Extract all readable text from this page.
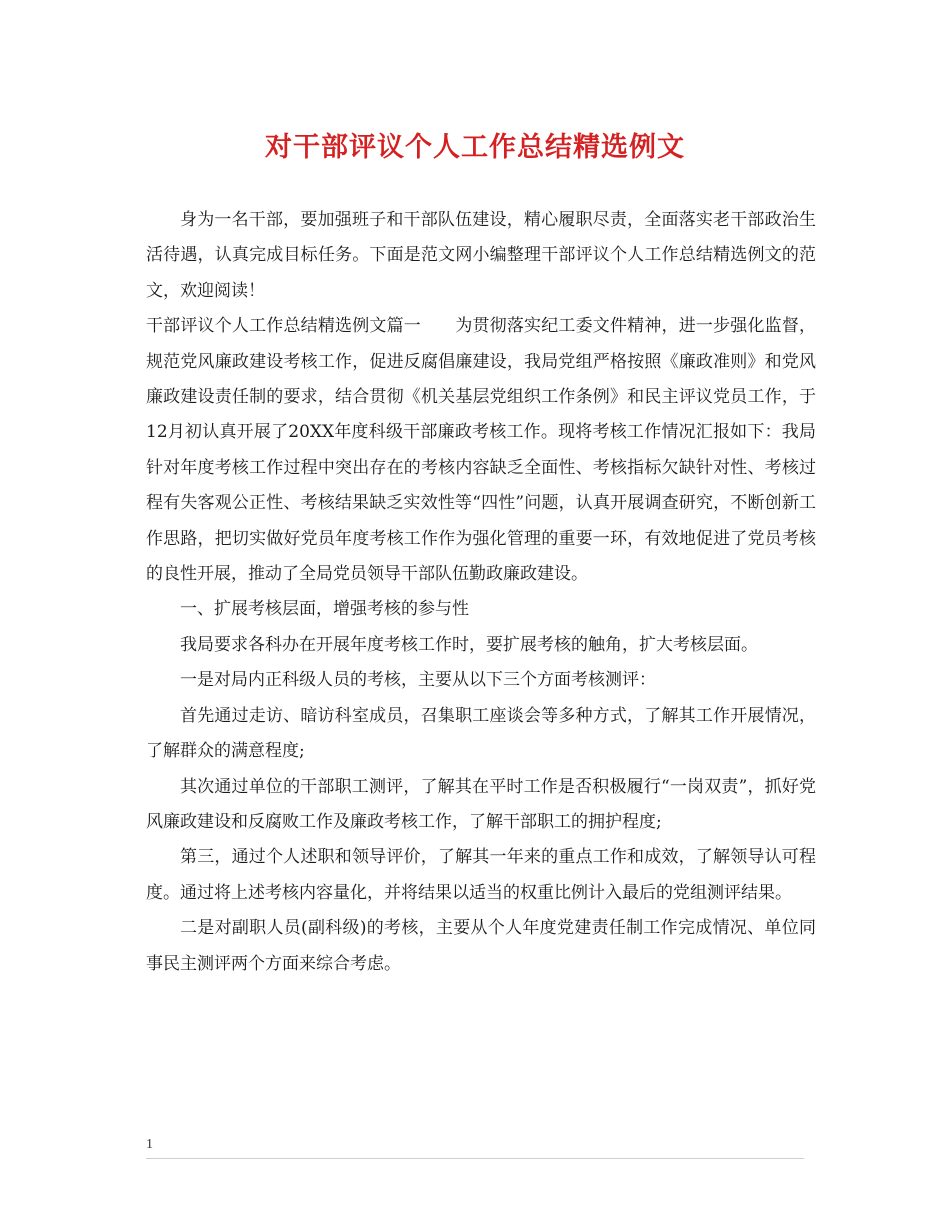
对干部评议个人工作总结精选例文

身为一名干部，要加强班子和干部队伍建设，精心履职尽责，全面落实老干部政治生活待遇，认真完成目标任务。下面是范文网小编整理干部评议个人工作总结精选例文的范文，欢迎阅读！

干部评议个人工作总结精选例文篇一　　为贯彻落实纪工委文件精神，进一步强化监督，规范党风廉政建设考核工作，促进反腐倡廉建设，我局党组严格按照《廉政准则》和党风廉政建设责任制的要求，结合贯彻《机关基层党组织工作条例》和民主评议党员工作，于12月初认真开展了20XX年度科级干部廉政考核工作。现将考核工作情况汇报如下：我局针对年度考核工作过程中突出存在的考核内容缺乏全面性、考核指标欠缺针对性、考核过程有失客观公正性、考核结果缺乏实效性等“四性”问题，认真开展调查研究，不断创新工作思路，把切实做好党员年度考核工作作为强化管理的重要一环，有效地促进了党员考核的良性开展，推动了全局党员领导干部队伍勤政廉政建设。

一、扩展考核层面，增强考核的参与性

我局要求各科办在开展年度考核工作时，要扩展考核的触角，扩大考核层面。

一是对局内正科级人员的考核，主要从以下三个方面考核测评：

首先通过走访、暗访科室成员，召集职工座谈会等多种方式，了解其工作开展情况，了解群众的满意程度;

其次通过单位的干部职工测评，了解其在平时工作是否积极履行“一岗双责”，抓好党风廉政建设和反腐败工作及廉政考核工作，了解干部职工的拥护程度;

第三，通过个人述职和领导评价，了解其一年来的重点工作和成效，了解领导认可程度。通过将上述考核内容量化，并将结果以适当的权重比例计入最后的党组测评结果。

二是对副职人员(副科级)的考核，主要从个人年度党建责任制工作完成情况、单位同事民主测评两个方面来综合考虑。

1
